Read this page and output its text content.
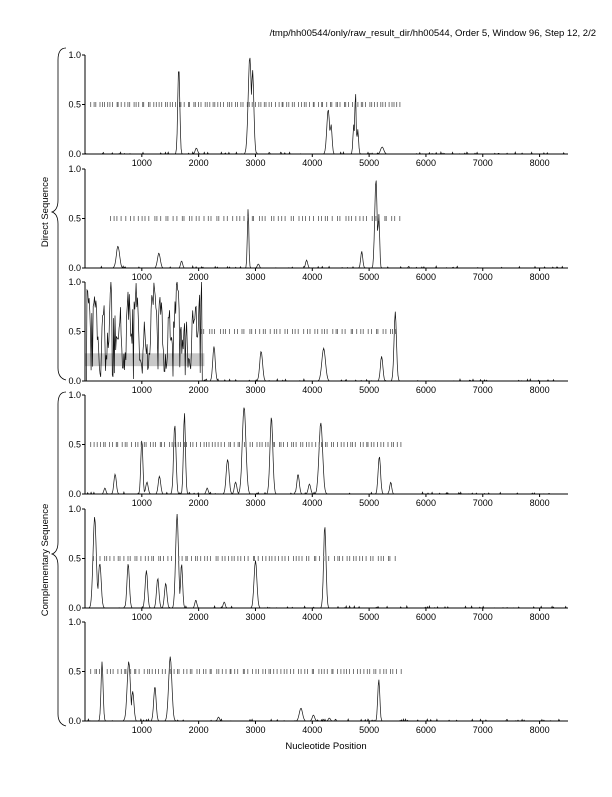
/tmp/hh00544/only/raw_result_dir/hh00544, Order 5, Window 96, Step 12, 2/2
0.0
0.5
1.0
1000	2000	3000	4000	5000	6000	7000	8000
0.0
0.5
1.0
1000	2000	3000	4000	5000	6000	7000	8000
0.0
0.5
1.0
1000	2000	3000	4000	5000	6000	7000	8000
0.0
0.5
1.0
1000	2000	3000	4000	5000	6000	7000	8000
0.0
0.5
1.0
1000	2000	3000	4000	5000	6000	7000	8000
0.0
0.5
1.0
1000	2000	3000	4000	5000	6000	7000	8000
Direct Sequence
Complementary Sequence
Nucleotide Position
